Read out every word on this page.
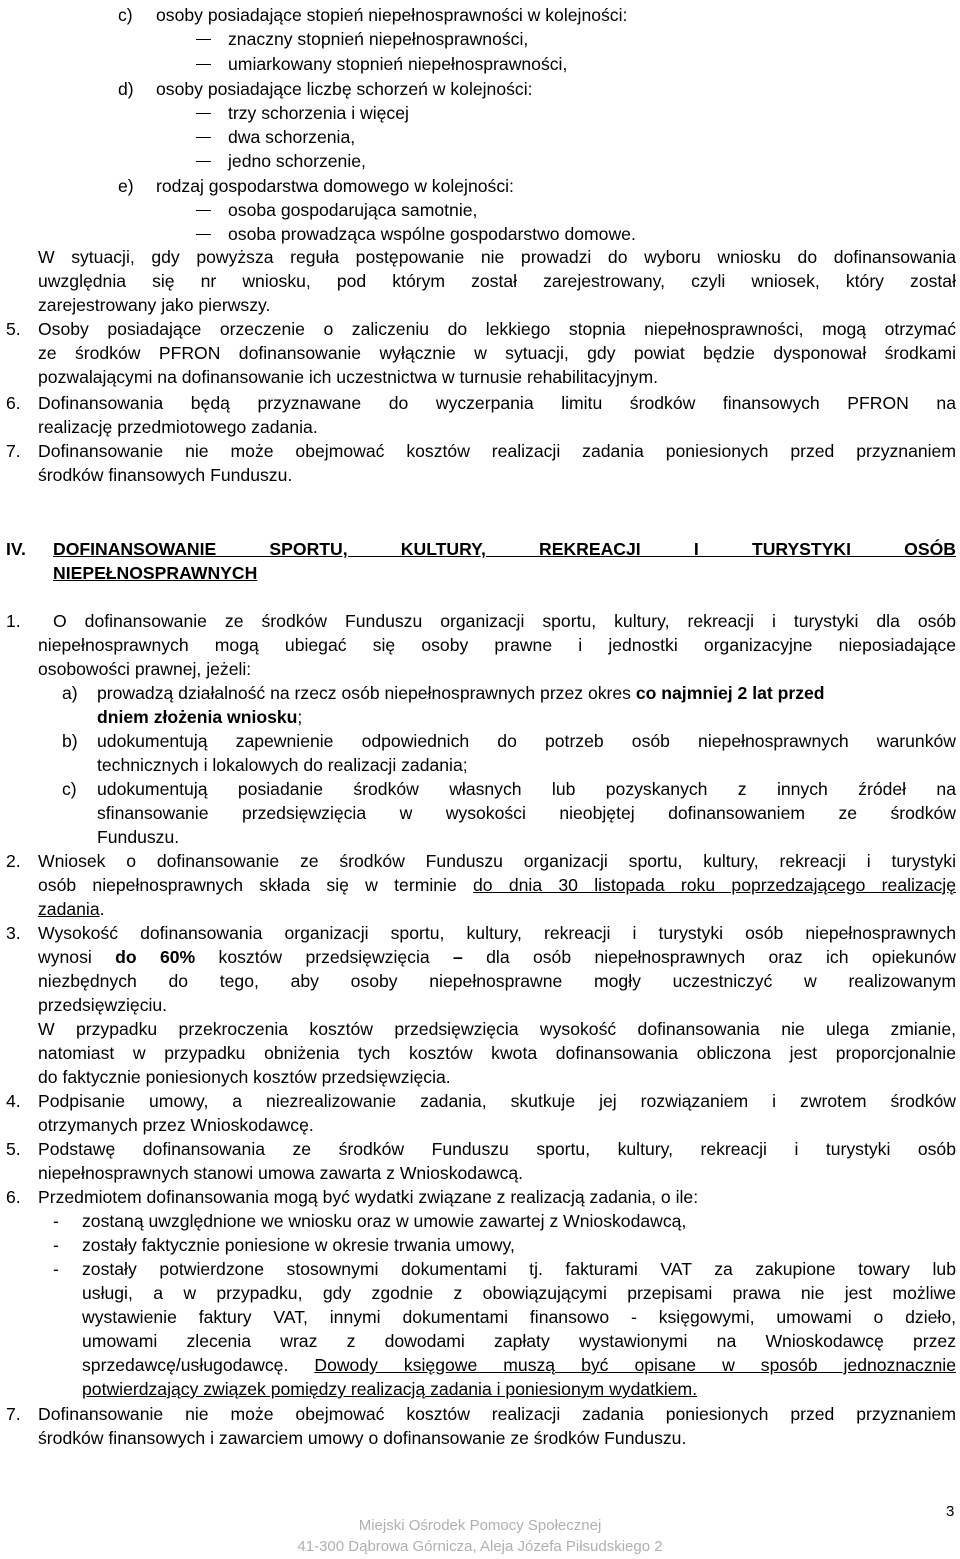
c) osoby posiadające stopień niepełnosprawności w kolejności:
znaczny stopnień niepełnosprawności,
umiarkowany stopnień niepełnosprawności,
d) osoby posiadające liczbę schorzeń w kolejności:
trzy schorzenia i więcej
dwa schorzenia,
jedno schorzenie,
e) rodzaj gospodarstwa domowego w kolejności:
osoba gospodarująca samotnie,
osoba prowadząca wspólne gospodarstwo domowe.
W sytuacji, gdy powyższa reguła postępowanie nie prowadzi do wyboru wniosku do dofinansowania
uwzględnia się nr wniosku, pod którym został zarejestrowany, czyli wniosek, który został
zarejestrowany jako pierwszy.
5. Osoby posiadające orzeczenie o zaliczeniu do lekkiego stopnia niepełnosprawności, mogą otrzymać
ze środków PFRON dofinansowanie wyłącznie w sytuacji, gdy powiat będzie dysponował środkami
pozwalającymi na dofinansowanie ich uczestnictwa w turnusie rehabilitacyjnym.
6. Dofinansowania będą przyznawane do wyczerpania limitu środków finansowych PFRON na
realizację przedmiotowego zadania.
7. Dofinansowanie nie może obejmować kosztów realizacji zadania poniesionych przed przyznaniem
środków finansowych Funduszu.
IV. DOFINANSOWANIE SPORTU, KULTURY, REKREACJI I TURYSTYKI OSÓB
NIEPEŁNOSPRAWNYCH
1. O dofinansowanie ze środków Funduszu organizacji sportu, kultury, rekreacji i turystyki dla osób
niepełnosprawnych mogą ubiegać się osoby prawne i jednostki organizacyjne nieposiadające
osobowości prawnej, jeżeli:
a) prowadzą działalność na rzecz osób niepełnosprawnych przez okres co najmniej 2 lat przed
dniem złożenia wniosku;
b) udokumentują zapewnienie odpowiednich do potrzeb osób niepełnosprawnych warunków
technicznych i lokalowych do realizacji zadania;
c) udokumentują posiadanie środków własnych lub pozyskanych z innych źródeł na
sfinansowanie przedsięwzięcia w wysokości nieobjętej dofinansowaniem ze środków
Funduszu.
2. Wniosek o dofinansowanie ze środków Funduszu organizacji sportu, kultury, rekreacji i turystyki
osób niepełnosprawnych składa się w terminie do dnia 30 listopada roku poprzedzającego realizację
zadania.
3. Wysokość dofinansowania organizacji sportu, kultury, rekreacji i turystyki osób niepełnosprawnych
wynosi do 60% kosztów przedsięwzięcia – dla osób niepełnosprawnych oraz ich opiekunów
niezbędnych do tego, aby osoby niepełnosprawne mogły uczestniczyć w realizowanym
przedsięwzięciu.
W przypadku przekroczenia kosztów przedsięwzięcia wysokość dofinansowania nie ulega zmianie,
natomiast w przypadku obniżenia tych kosztów kwota dofinansowania obliczona jest proporcjonalnie
do faktycznie poniesionych kosztów przedsięwzięcia.
4. Podpisanie umowy, a niezrealizowanie zadania, skutkuje jej rozwiązaniem i zwrotem środków
otrzymanych przez Wnioskodawcę.
5. Podstawę dofinansowania ze środków Funduszu sportu, kultury, rekreacji i turystyki osób
niepełnosprawnych stanowi umowa zawarta z Wnioskodawcą.
6. Przedmiotem dofinansowania mogą być wydatki związane z realizacją zadania, o ile:
- zostaną uwzględnione we wniosku oraz w umowie zawartej z Wnioskodawcą,
- zostały faktycznie poniesione w okresie trwania umowy,
- zostały potwierdzone stosownymi dokumentami tj. fakturami VAT za zakupione towary lub
usługi, a w przypadku, gdy zgodnie z obowiązującymi przepisami prawa nie jest możliwe
wystawienie faktury VAT, innymi dokumentami finansowo - księgowymi, umowami o dzieło,
umowami zlecenia wraz z dowodami zapłaty wystawionymi na Wnioskodawcę przez
sprzedawcę/usługodawcę. Dowody księgowe muszą być opisane w sposób jednoznacznie
potwierdzający związek pomiędzy realizacją zadania i poniesionym wydatkiem.
7. Dofinansowanie nie może obejmować kosztów realizacji zadania poniesionych przed przyznaniem
środków finansowych i zawarciem umowy o dofinansowanie ze środków Funduszu.
3
Miejski Ośrodek Pomocy Społecznej
41-300 Dąbrowa Górnicza, Aleja Józefa Piłsudskiego 2
